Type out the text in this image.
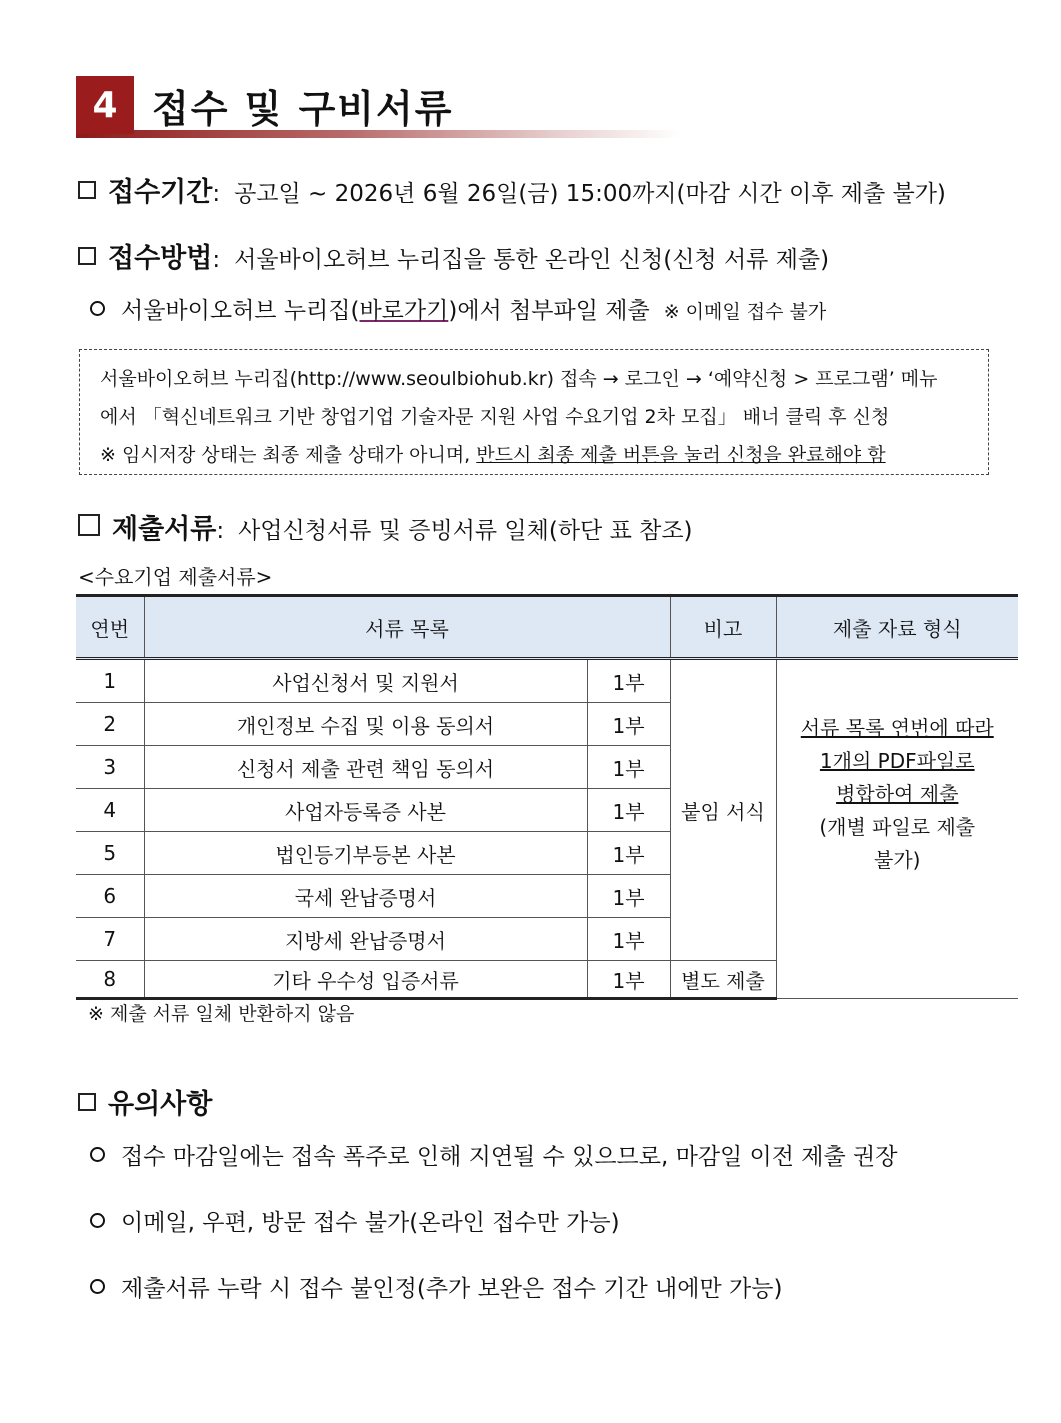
4 접수 및 구비서류
접수기간 : 공고일 ~ 2026년 6월 26일(금) 15:00까지(마감 시간 이후 제출 불가)
접수방법 : 서울바이오허브 누리집을 통한 온라인 신청(신청 서류 제출)
서울바이오허브 누리집( 바로가기 )에서 첨부파일 제출 ※ 이메일 접수 불가
서울바이오허브 누리집(http://www.seoulbiohub.kr) 접속 → 로그인 → ‘예약신청 > 프로그램’ 메뉴
에서 「혁신네트워크 기반 창업기업 기술자문 지원 사업 수요기업 2차 모집」 배너 클릭 후 신청
※ 임시저장 상태는 최종 제출 상태가 아니며, 반드시 최종 제출 버튼을 눌러 신청을 완료해야 함
제출서류 : 사업신청서류 및 증빙서류 일체(하단 표 참조)
<수요기업 제출서류>
연번	서류 목록		비고	제출 자료 형식
1	사업신청서 및 지원서	1부	붙임 서식	서류 목록 연번에 따라
1개의 PDF파일로
병합하여 제출
(개별 파일로 제출
불가)

2	개인정보 수집 및 이용 동의서	1부		
3	신청서 제출 관련 책임 동의서	1부		
4	사업자등록증 사본	1부		
5	법인등기부등본 사본	1부		
6	국세 완납증명서	1부		
7	지방세 완납증명서	1부		
8	기타 우수성 입증서류	1부	별도 제출	
※ 제출 서류 일체 반환하지 않음
유의사항
접수 마감일에는 접속 폭주로 인해 지연될 수 있으므로, 마감일 이전 제출 권장
이메일, 우편, 방문 접수 불가(온라인 접수만 가능)
제출서류 누락 시 접수 불인정(추가 보완은 접수 기간 내에만 가능)
